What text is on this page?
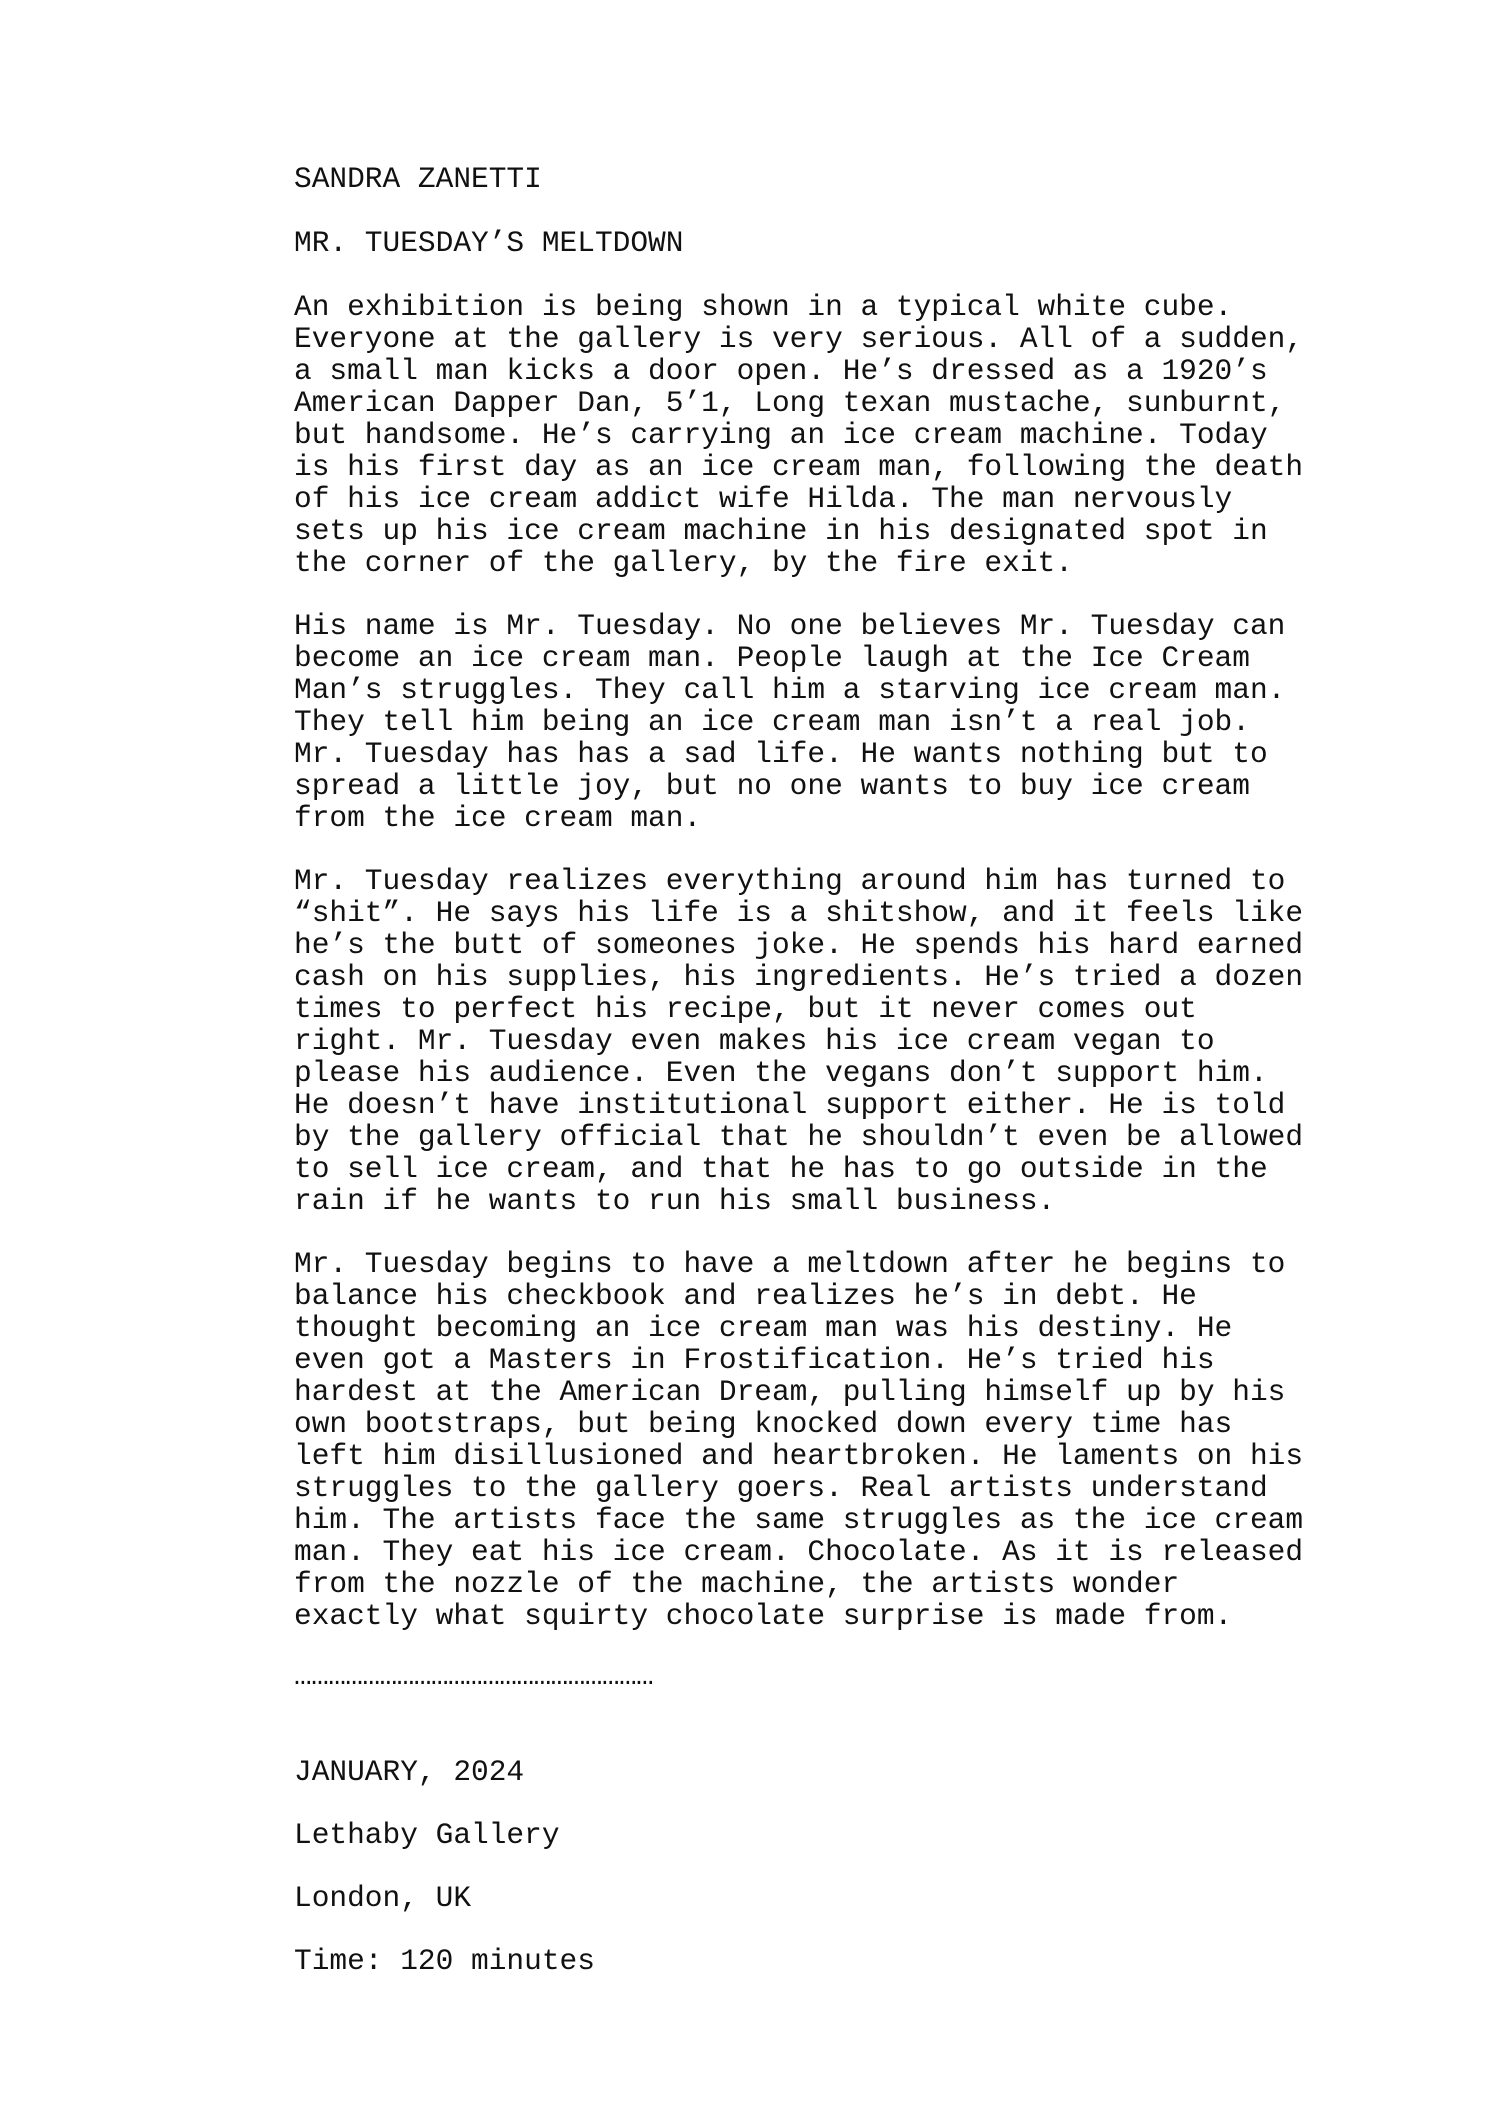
SANDRA ZANETTI

MR. TUESDAY’S MELTDOWN

An exhibition is being shown in a typical white cube.

Everyone at the gallery is very serious. All of a sudden,

a small man kicks a door open. He’s dressed as a 1920’s

American Dapper Dan, 5’1, Long texan mustache, sunburnt,

but handsome. He’s carrying an ice cream machine. Today

is his first day as an ice cream man, following the death

of his ice cream addict wife Hilda. The man nervously

sets up his ice cream machine in his designated spot in

the corner of the gallery, by the fire exit.

His name is Mr. Tuesday. No one believes Mr. Tuesday can

become an ice cream man. People laugh at the Ice Cream

Man’s struggles. They call him a starving ice cream man.

They tell him being an ice cream man isn’t a real job.

Mr. Tuesday has has a sad life. He wants nothing but to

spread a little joy, but no one wants to buy ice cream

from the ice cream man.

Mr. Tuesday realizes everything around him has turned to

“shit”. He says his life is a shitshow, and it feels like

he’s the butt of someones joke. He spends his hard earned

cash on his supplies, his ingredients. He’s tried a dozen

times to perfect his recipe, but it never comes out

right. Mr. Tuesday even makes his ice cream vegan to

please his audience. Even the vegans don’t support him.

He doesn’t have institutional support either. He is told

by the gallery official that he shouldn’t even be allowed

to sell ice cream, and that he has to go outside in the

rain if he wants to run his small business.

Mr. Tuesday begins to have a meltdown after he begins to

balance his checkbook and realizes he’s in debt. He

thought becoming an ice cream man was his destiny. He

even got a Masters in Frostification. He’s tried his

hardest at the American Dream, pulling himself up by his

own bootstraps, but being knocked down every time has

left him disillusioned and heartbroken. He laments on his

struggles to the gallery goers. Real artists understand

him. The artists face the same struggles as the ice cream

man. They eat his ice cream. Chocolate. As it is released

from the nozzle of the machine, the artists wonder

exactly what squirty chocolate surprise is made from.

………………………………………………………

JANUARY, 2024

Lethaby Gallery

London, UK

Time: 120 minutes
